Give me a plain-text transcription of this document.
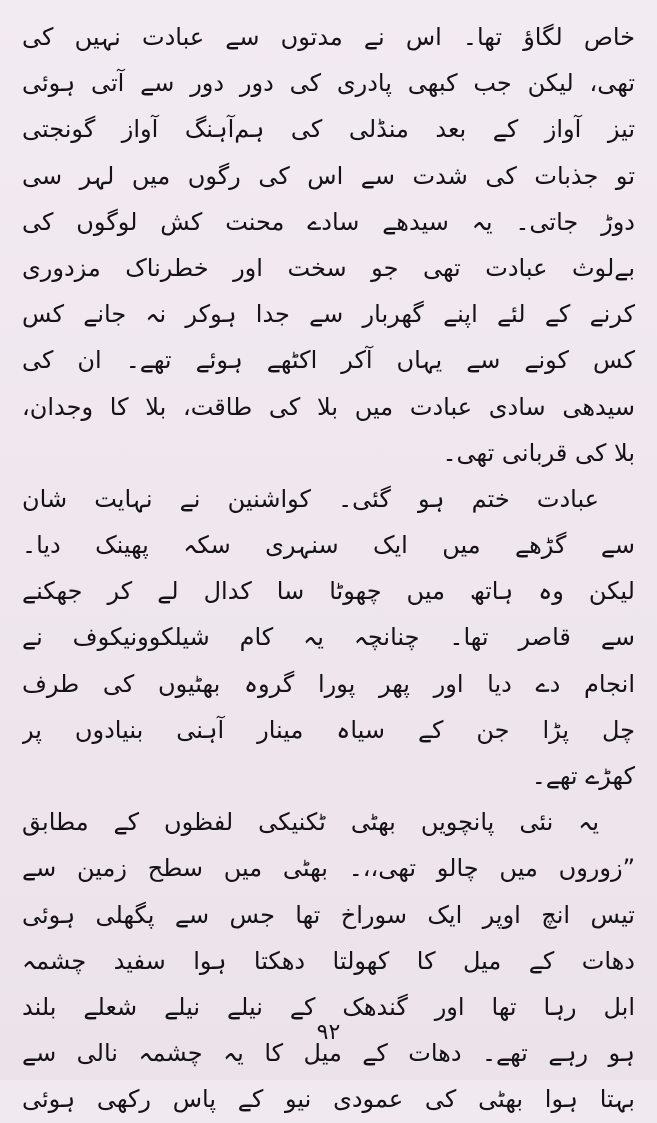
خاص لگاؤ تھا۔ اس نے مدتوں سے عبادت نہیں کی
تھی، لیکن جب کبھی پادری کی دور دور سے آتی ہوئی
تیز آواز کے بعد منڈلی کی ہم‌آہنگ آواز گونجتی
تو جذبات کی شدت سے اس کی رگوں میں لہر سی
دوڑ جاتی۔ یہ سیدھے سادے محنت کش لوگوں کی
بےلوث عبادت تھی جو سخت اور خطرناک مزدوری
کرنے کے لئے اپنے گھربار سے جدا ہوکر نہ جانے کس
کس کونے سے یہاں آکر اکٹھے ہوئے تھے۔ ان کی
سیدھی سادی عبادت میں بلا کی طاقت، بلا کا وجدان،
بلا کی قربانی تھی۔
عبادت ختم ہو گئی۔ کواشنین نے نہایت شان
سے گڑھے میں ایک سنہری سکہ پھینک دیا۔
لیکن وہ ہاتھ میں چھوٹا سا کدال لے کر جھکنے
سے قاصر تھا۔ چنانچہ یہ کام شیلکوونیکوف نے
انجام دے دیا اور پھر پورا گروہ بھٹیوں کی طرف
چل پڑا جن کے سیاہ مینار آہنی بنیادوں پر
کھڑے تھے۔
یہ نئی پانچویں بھٹی ٹکنیکی لفظوں کے مطابق
”زوروں میں چالو تھی،،۔ بھٹی میں سطح زمین سے
تیس انچ اوپر ایک سوراخ تھا جس سے پگھلی ہوئی
دھات کے میل کا کھولتا دھکتا ہوا سفید چشمہ
ابل رہا تھا اور گندھک کے نیلے نیلے شعلے بلند
ہو رہے تھے۔ دھات کے میل کا یہ چشمہ نالی سے
بہتا ہوا بھٹی کی عمودی نیو کے پاس رکھی ہوئی
۹۲
